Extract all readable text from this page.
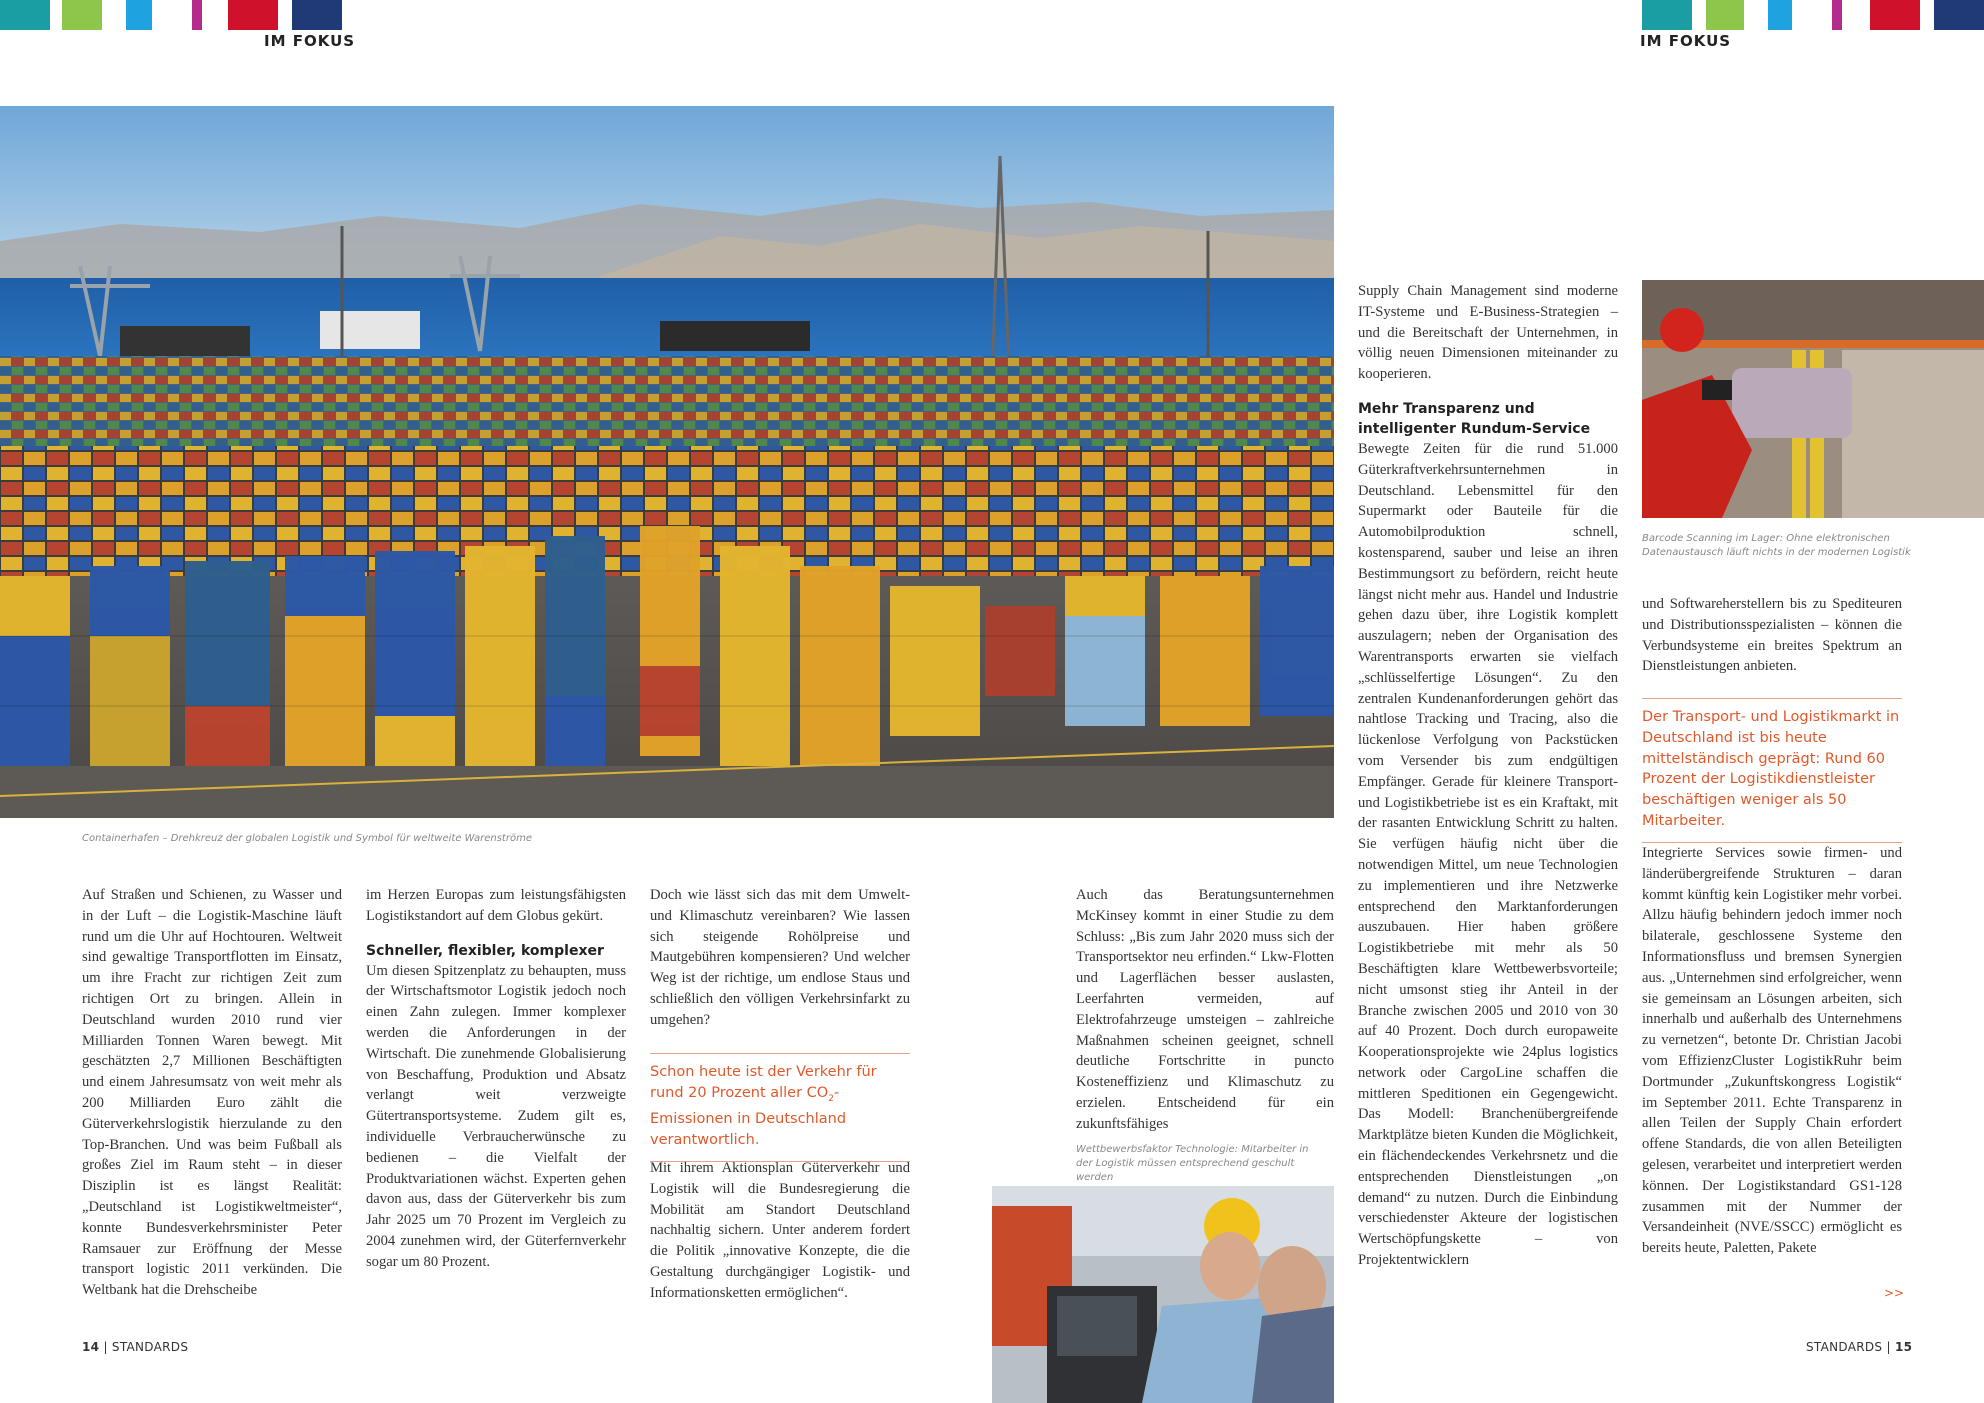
IM FOKUS	IM FOKUS
Containerhafen – Drehkreuz der globalen Logistik und Symbol für weltweite Warenströme
Barcode Scanning im Lager: Ohne elektronischen Datenaustausch läuft nichts in der modernen Logistik
Wettbewerbsfaktor Technologie: Mitarbeiter in der Logistik müssen entsprechend geschult werden

Auf Straßen und Schienen, zu Wasser und in der Luft – die Logistik-Maschine läuft rund um die Uhr auf Hochtouren. Weltweit sind gewaltige Transportflotten im Einsatz, um ihre Fracht zur richtigen Zeit zum richtigen Ort zu bringen. Allein in Deutschland wurden 2010 rund vier Milliarden Tonnen Waren bewegt. Mit geschätzten 2,7 Millionen Beschäftigten und einem Jahresumsatz von weit mehr als 200 Milliarden Euro zählt die Güterverkehrslogistik hierzulande zu den Top-Branchen. Und was beim Fußball als großes Ziel im Raum steht – in dieser Disziplin ist es längst Realität: „Deutschland ist Logistikweltmeister“, konnte Bundesverkehrsminister Peter Ramsauer zur Eröffnung der Messe transport logistic 2011 verkünden. Die Weltbank hat die Drehscheibe

im Herzen Europas zum leistungsfähigsten Logistikstandort auf dem Globus gekürt.

Schneller, flexibler, komplexer

Um diesen Spitzenplatz zu behaupten, muss der Wirtschaftsmotor Logistik jedoch noch einen Zahn zulegen. Immer komplexer werden die Anforderungen in der Wirtschaft. Die zunehmende Globalisierung von Beschaffung, Produktion und Absatz verlangt weit verzweigte Gütertransportsysteme. Zudem gilt es, individuelle Verbraucherwünsche zu bedienen – die Vielfalt der Produktvariationen wächst. Experten gehen davon aus, dass der Güterverkehr bis zum Jahr 2025 um 70 Prozent im Vergleich zu 2004 zunehmen wird, der Güterfernverkehr sogar um 80 Prozent.

Doch wie lässt sich das mit dem Umwelt- und Klimaschutz vereinbaren? Wie lassen sich steigende Rohölpreise und Mautgebühren kompensieren? Und welcher Weg ist der richtige, um endlose Staus und schließlich den völligen Verkehrsinfarkt zu umgehen?

Schon heute ist der Verkehr für rund 20 Prozent aller $CO_2$-Emissionen in Deutschland verantwortlich.

Mit ihrem Aktionsplan Güterverkehr und Logistik will die Bundesregierung die Mobilität am Standort Deutschland nachhaltig sichern. Unter anderem fordert die Politik „innovative Konzepte, die die Gestaltung durchgängiger Logistik- und Informationsketten ermöglichen“.

Auch das Beratungsunternehmen McKinsey kommt in einer Studie zu dem Schluss: „Bis zum Jahr 2020 muss sich der Transportsektor neu erfinden.“ Lkw-Flotten und Lagerflächen besser auslasten, Leerfahrten vermeiden, auf Elektrofahrzeuge umsteigen – zahlreiche Maßnahmen scheinen geeignet, schnell deutliche Fortschritte in puncto Kosteneffizienz und Klimaschutz zu erzielen. Entscheidend für ein zukunftsfähiges

Supply Chain Management sind moderne IT-Systeme und E-Business-Strategien – und die Bereitschaft der Unternehmen, in völlig neuen Dimensionen miteinander zu kooperieren.

Mehr Transparenz und intelligenter Rundum-Service

Bewegte Zeiten für die rund 51.000 Güterkraftverkehrsunternehmen in Deutschland. Lebensmittel für den Supermarkt oder Bauteile für die Automobilproduktion schnell, kostensparend, sauber und leise an ihren Bestimmungsort zu befördern, reicht heute längst nicht mehr aus. Handel und Industrie gehen dazu über, ihre Logistik komplett auszulagern; neben der Organisation des Warentransports erwarten sie vielfach „schlüsselfertige Lösungen“. Zu den zentralen Kundenanforderungen gehört das nahtlose Tracking und Tracing, also die lückenlose Verfolgung von Packstücken vom Versender bis zum endgültigen Empfänger. Gerade für kleinere Transport- und Logistikbetriebe ist es ein Kraftakt, mit der rasanten Entwicklung Schritt zu halten. Sie verfügen häufig nicht über die notwendigen Mittel, um neue Technologien zu implementieren und ihre Netzwerke entsprechend den Marktanforderungen auszubauen. Hier haben größere Logistikbetriebe mit mehr als 50 Beschäftigten klare Wettbewerbsvorteile; nicht umsonst stieg ihr Anteil in der Branche zwischen 2005 und 2010 von 30 auf 40 Prozent. Doch durch europaweite Kooperationsprojekte wie 24plus logistics network oder CargoLine schaffen die mittleren Speditionen ein Gegengewicht. Das Modell: Branchenübergreifende Marktplätze bieten Kunden die Möglichkeit, ein flächendeckendes Verkehrsnetz und die entsprechenden Dienstleistungen „on demand“ zu nutzen. Durch die Einbindung verschiedenster Akteure der logistischen Wertschöpfungskette – von Projektentwicklern

und Softwareherstellern bis zu Spediteuren und Distributionsspezialisten – können die Verbundsysteme ein breites Spektrum an Dienstleistungen anbieten.

Der Transport- und Logistikmarkt in Deutschland ist bis heute mittelständisch geprägt: Rund 60 Prozent der Logistikdienstleister beschäftigen weniger als 50 Mitarbeiter.

Integrierte Services sowie firmen- und länderübergreifende Strukturen – daran kommt künftig kein Logistiker mehr vorbei. Allzu häufig behindern jedoch immer noch bilaterale, geschlossene Systeme den Informationsfluss und bremsen Synergien aus. „Unternehmen sind erfolgreicher, wenn sie gemeinsam an Lösungen arbeiten, sich innerhalb und außerhalb des Unternehmens zu vernetzen“, betonte Dr. Christian Jacobi vom EffizienzCluster LogistikRuhr beim Dortmunder „Zukunftskongress Logistik“ im September 2011. Echte Transparenz in allen Teilen der Supply Chain erfordert offene Standards, die von allen Beteiligten gelesen, verarbeitet und interpretiert werden können. Der Logistikstandard GS1-128 zusammen mit der Nummer der Versandeinheit (NVE/SSCC) ermöglicht es bereits heute, Paletten, Pakete

>>
14 | STANDARDS	STANDARDS | 15
